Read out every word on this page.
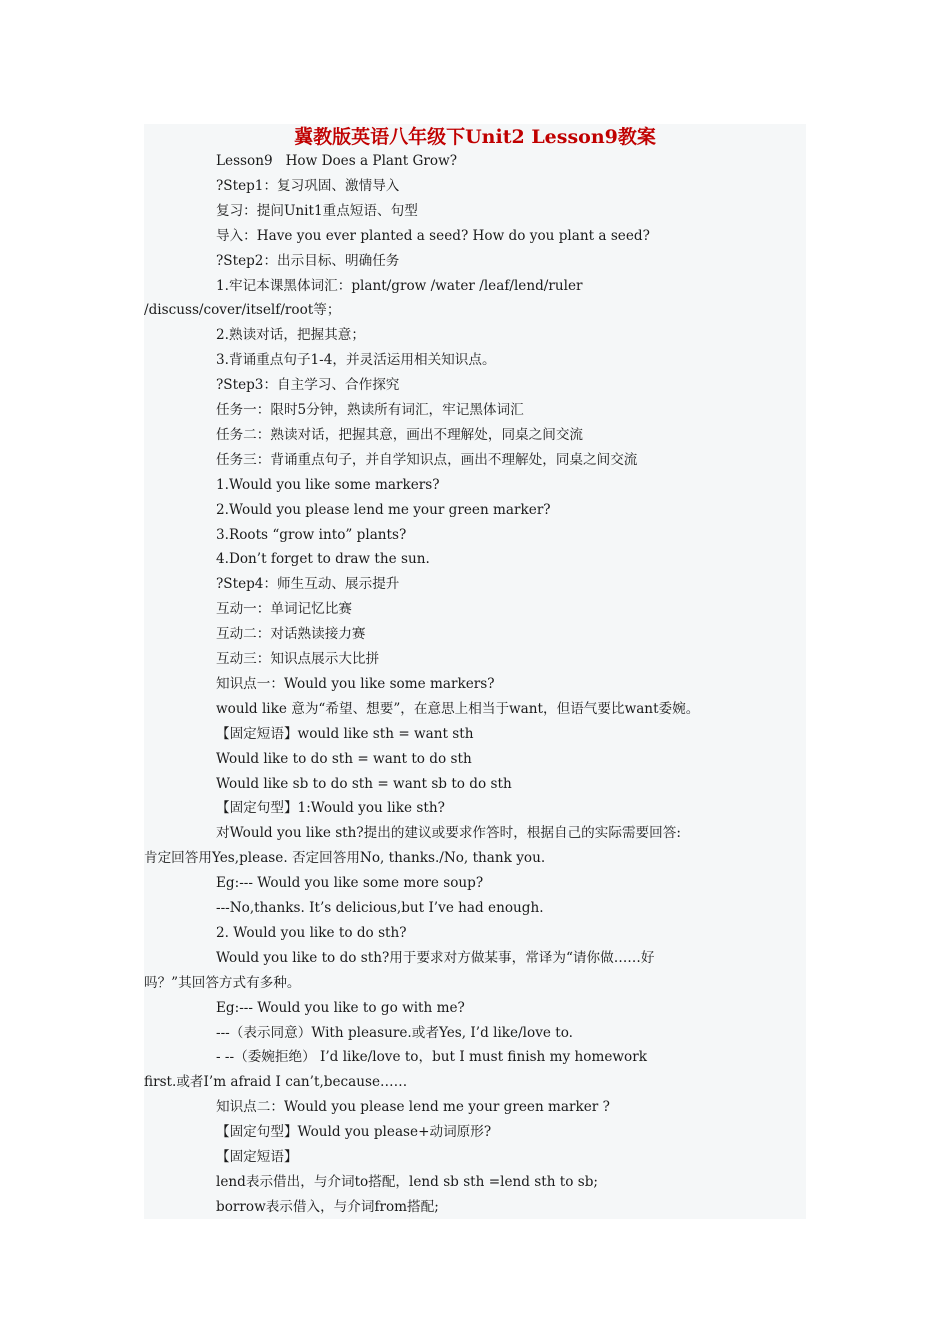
冀教版英语八年级下Unit2 Lesson9教案
Lesson9   How Does a Plant Grow?
?Step1：复习巩固、激情导入
复习：提问Unit1重点短语、句型
导入：Have you ever planted a seed? How do you plant a seed?
?Step2：出示目标、明确任务
1.牢记本课黑体词汇：plant/grow /water /leaf/lend/ruler
/discuss/cover/itself/root等；
2.熟读对话，把握其意；
3.背诵重点句子1-4，并灵活运用相关知识点。
?Step3：自主学习、合作探究
任务一：限时5分钟，熟读所有词汇，牢记黑体词汇
任务二：熟读对话，把握其意，画出不理解处，同桌之间交流
任务三：背诵重点句子，并自学知识点，画出不理解处，同桌之间交流
1.Would you like some markers?
2.Would you please lend me your green marker?
3.Roots “grow into” plants?
4.Don’t forget to draw the sun.
?Step4：师生互动、展示提升
互动一：单词记忆比赛
互动二：对话熟读接力赛
互动三：知识点展示大比拼
知识点一：Would you like some markers?
would like 意为“希望、想要”，在意思上相当于want，但语气要比want委婉。
【固定短语】would like sth = want sth
Would like to do sth = want to do sth
Would like sb to do sth = want sb to do sth
【固定句型】1:Would you like sth?
对Would you like sth?提出的建议或要求作答时，根据自己的实际需要回答:
肯定回答用Yes,please. 否定回答用No, thanks./No, thank you.
Eg:--- Would you like some more soup?
---No,thanks. It’s delicious,but I’ve had enough.
2. Would you like to do sth?
Would you like to do sth?用于要求对方做某事，常译为“请你做……好
吗？”其回答方式有多种。
Eg:--- Would you like to go with me?
---（表示同意）With pleasure.或者Yes, I’d like/love to.
- --（委婉拒绝） I’d like/love to，but I must finish my homework
first.或者I’m afraid I can’t,because……
知识点二：Would you please lend me your green marker ?
【固定句型】Would you please+动词原形?
【固定短语】
lend表示借出，与介词to搭配，lend sb sth =lend sth to sb;
borrow表示借入，与介词from搭配;
